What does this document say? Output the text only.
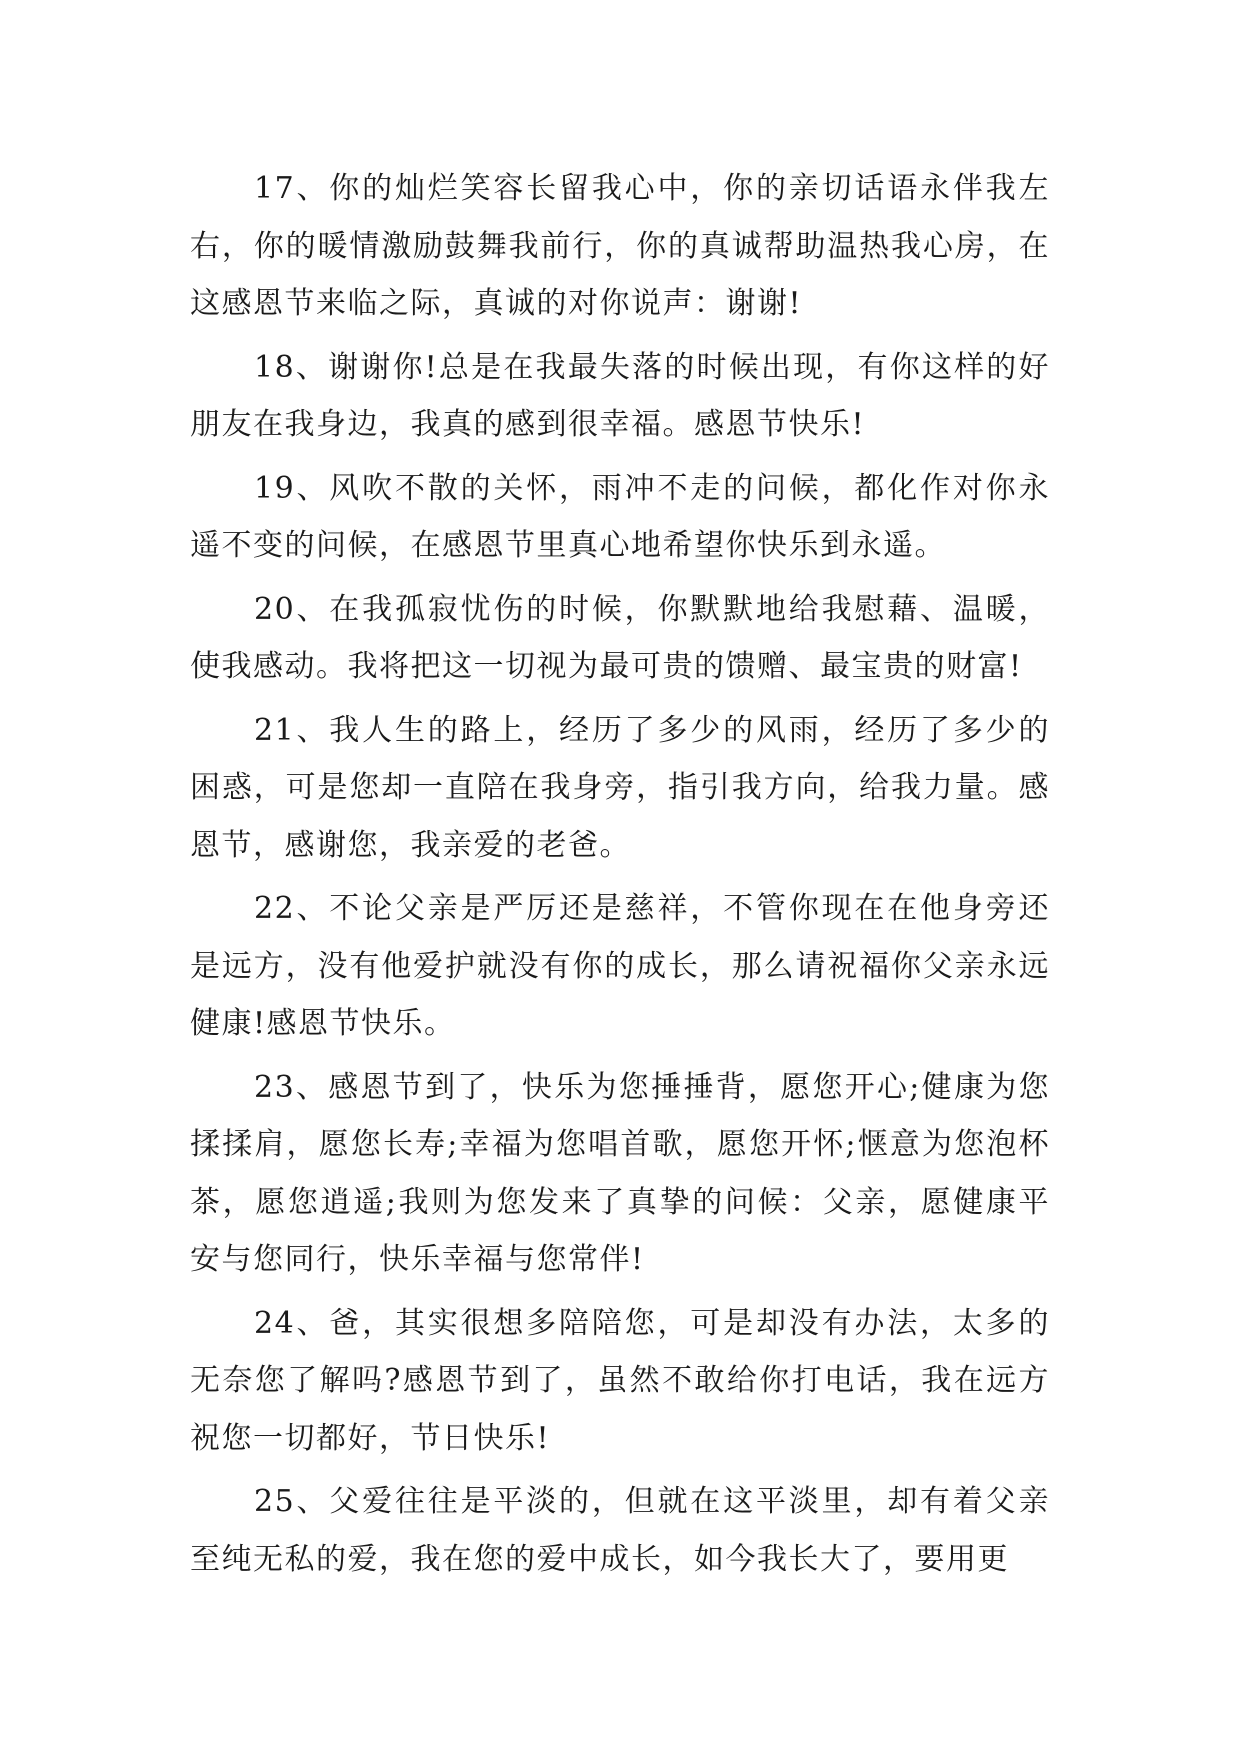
17、你的灿烂笑容长留我心中，你的亲切话语永伴我左右，你的暖情激励鼓舞我前行，你的真诚帮助温热我心房，在这感恩节来临之际，真诚的对你说声：谢谢!

18、谢谢你!总是在我最失落的时候出现，有你这样的好朋友在我身边，我真的感到很幸福。感恩节快乐!

19、风吹不散的关怀，雨冲不走的问候，都化作对你永遥不变的问候，在感恩节里真心地希望你快乐到永遥。

20、在我孤寂忧伤的时候，你默默地给我慰藉、温暖，使我感动。我将把这一切视为最可贵的馈赠、最宝贵的财富!

21、我人生的路上，经历了多少的风雨，经历了多少的困惑，可是您却一直陪在我身旁，指引我方向，给我力量。感恩节，感谢您，我亲爱的老爸。

22、不论父亲是严厉还是慈祥，不管你现在在他身旁还是远方，没有他爱护就没有你的成长，那么请祝福你父亲永远健康!感恩节快乐。

23、感恩节到了，快乐为您捶捶背，愿您开心;健康为您揉揉肩，愿您长寿;幸福为您唱首歌，愿您开怀;惬意为您泡杯茶，愿您逍遥;我则为您发来了真挚的问候：父亲，愿健康平安与您同行，快乐幸福与您常伴!

24、爸，其实很想多陪陪您，可是却没有办法，太多的无奈您了解吗?感恩节到了，虽然不敢给你打电话，我在远方祝您一切都好，节日快乐!

25、父爱往往是平淡的，但就在这平淡里，却有着父亲至纯无私的爱，我在您的爱中成长，如今我长大了，要用更
